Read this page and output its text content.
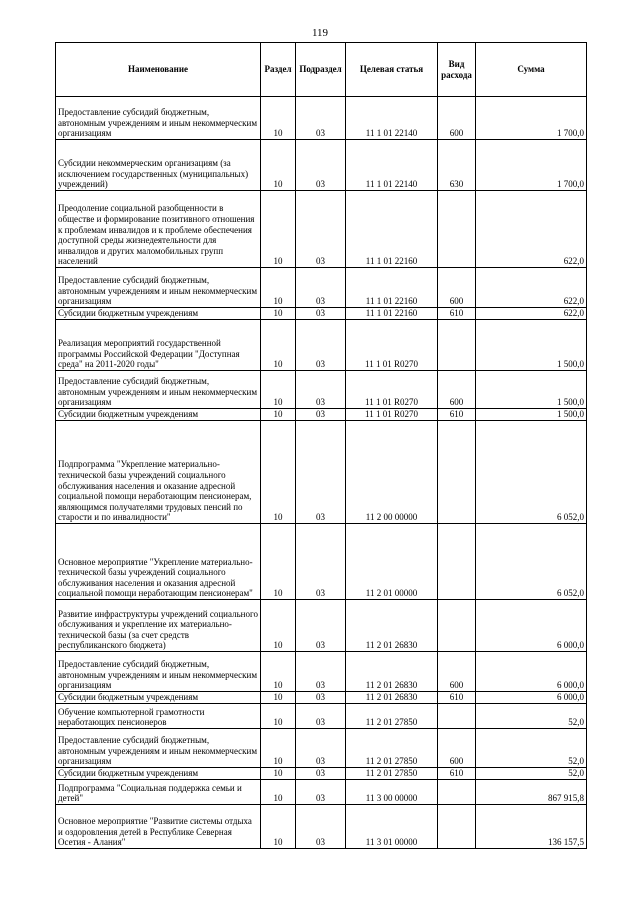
119
Наименование	Раздел	Подраздел	Целевая статья	Вид расхода	Сумма
Предоставление субсидий бюджетным, автономным учреждениям и иным некоммерческим организациям	10	03	11 1 01 22140	600	1 700,0
Субсидии некоммерческим организациям (за исключением государственных (муниципальных) учреждений)	10	03	11 1 01 22140	630	1 700,0
Преодоление социальной разобщенности в обществе и формирование позитивного отношения к проблемам инвалидов и к проблеме обеспечения доступной среды жизнедеятельности для инвалидов и других маломобильных групп населений	10	03	11 1 01 22160		622,0
Предоставление субсидий бюджетным, автономным учреждениям и иным некоммерческим организациям	10	03	11 1 01 22160	600	622,0
Субсидии бюджетным учреждениям	10	03	11 1 01 22160	610	622,0
Реализация мероприятий государственной программы Российской Федерации "Доступная среда" на 2011-2020 годы"	10	03	11 1 01 R0270		1 500,0
Предоставление субсидий бюджетным, автономным учреждениям и иным некоммерческим организациям	10	03	11 1 01 R0270	600	1 500,0
Субсидии бюджетным учреждениям	10	03	11 1 01 R0270	610	1 500,0
Подпрограмма "Укрепление материально-технической базы учреждений социального обслуживания населения и оказание адресной социальной помощи неработающим пенсионерам, являющимся получателями трудовых пенсий по старости и по инвалидности"	10	03	11 2 00 00000		6 052,0
Основное мероприятие "Укрепление материально-технической базы учреждений социального обслуживания населения и оказания адресной социальной помощи неработающим пенсионерам"	10	03	11 2 01 00000		6 052,0
Развитие инфраструктуры учреждений социального обслуживания и укрепление их материально-технической базы (за счет средств республиканского бюджета)	10	03	11 2 01 26830		6 000,0
Предоставление субсидий бюджетным, автономным учреждениям и иным некоммерческим организациям	10	03	11 2 01 26830	600	6 000,0
Субсидии бюджетным учреждениям	10	03	11 2 01 26830	610	6 000,0
Обучение компьютерной грамотности неработающих пенсионеров	10	03	11 2 01 27850		52,0
Предоставление субсидий бюджетным, автономным учреждениям и иным некоммерческим организациям	10	03	11 2 01 27850	600	52,0
Субсидии бюджетным учреждениям	10	03	11 2 01 27850	610	52,0
Подпрограмма "Социальная поддержка семьи и детей"	10	03	11 3 00 00000		867 915,8
Основное мероприятие "Развитие системы отдыха и оздоровления детей в Республике Северная Осетия - Алания"	10	03	11 3 01 00000		136 157,5
